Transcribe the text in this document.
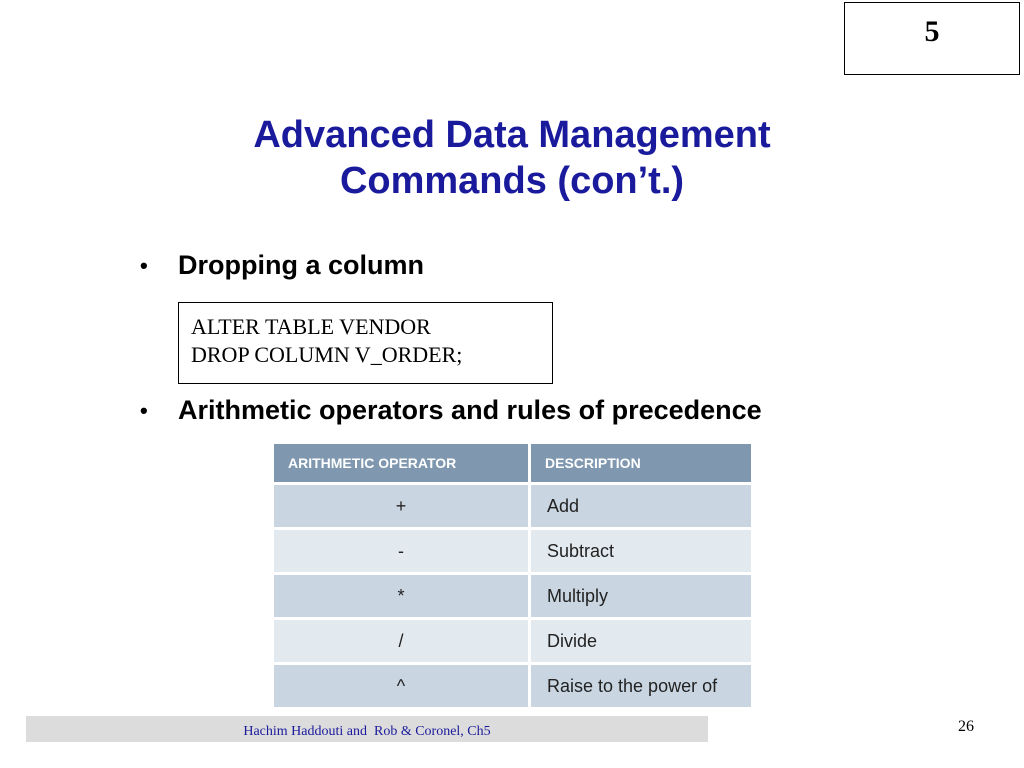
5
Advanced Data Management
Commands (con’t.)
•	Dropping a column
ALTER TABLE VENDOR
DROP COLUMN V_ORDER;
•	Arithmetic operators and rules of precedence
ARITHMETIC OPERATOR	DESCRIPTION
+	Add
-	Subtract
*	Multiply
/	Divide
^	Raise to the power of
Hachim Haddouti and  Rob & Coronel, Ch5	26
